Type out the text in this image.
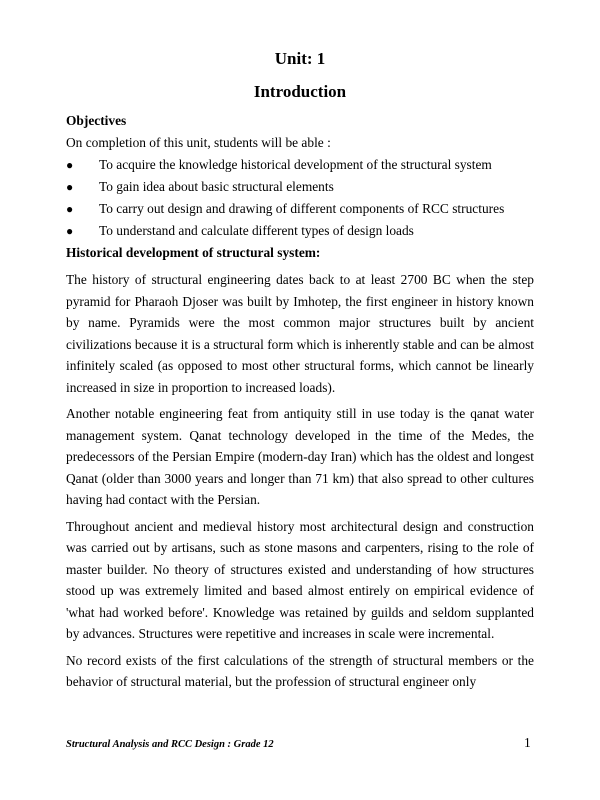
Unit: 1
Introduction
Objectives
On completion of this unit, students will be able :
● To acquire the knowledge historical development of the structural system
● To gain idea about basic structural elements
● To carry out design and drawing of different components of RCC structures
● To understand and calculate different types of design loads
Historical development of structural system:

The history of structural engineering dates back to at least 2700 BC when the step pyramid for Pharaoh Djoser was built by Imhotep, the first engineer in history known by name. Pyramids were the most common major structures built by ancient civilizations because it is a structural form which is inherently stable and can be almost infinitely scaled (as opposed to most other structural forms, which cannot be linearly increased in size in proportion to increased loads).

Another notable engineering feat from antiquity still in use today is the qanat water management system. Qanat technology developed in the time of the Medes, the predecessors of the Persian Empire (modern-day Iran) which has the oldest and longest Qanat (older than 3000 years and longer than 71 km) that also spread to other cultures having had contact with the Persian.

Throughout ancient and medieval history most architectural design and construction was carried out by artisans, such as stone masons and carpenters, rising to the role of master builder. No theory of structures existed and understanding of how structures stood up was extremely limited and based almost entirely on empirical evidence of 'what had worked before'. Knowledge was retained by guilds and seldom supplanted by advances. Structures were repetitive and increases in scale were incremental.

No record exists of the first calculations of the strength of structural members or the behavior of structural material, but the profession of structural engineer only

Structural Analysis and RCC Design : Grade 12	1
